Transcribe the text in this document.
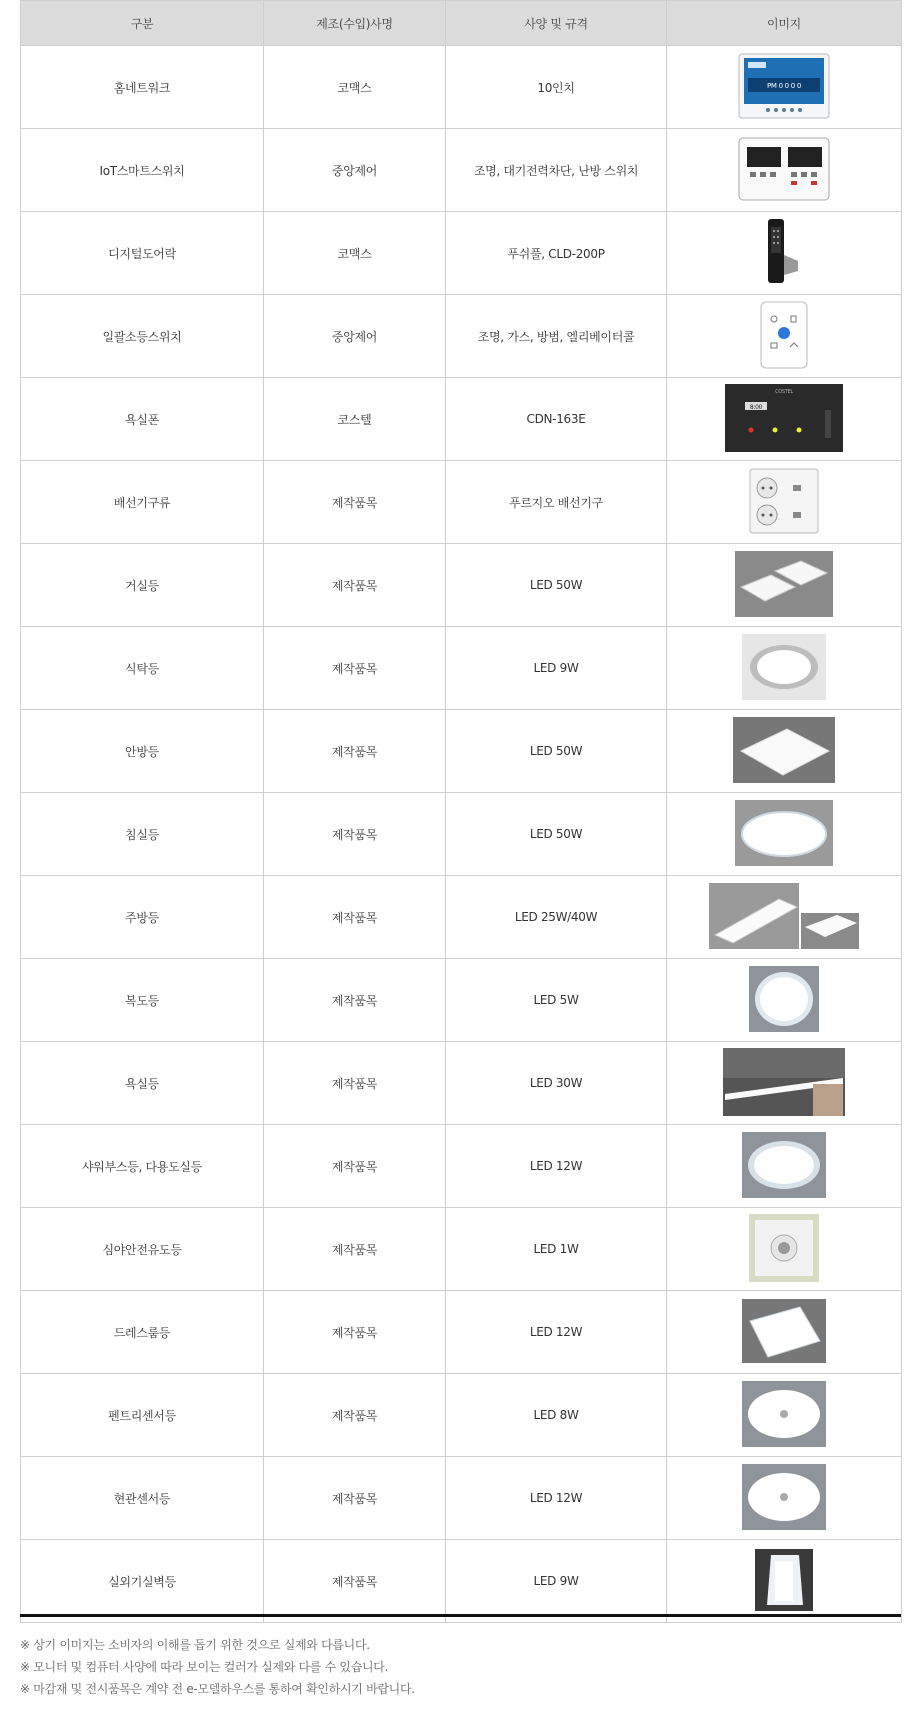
구분	제조(수입)사명	사양 및 규격	이미지
홈네트워크	코맥스	10인치	PM 0 0 0 0

IoT스마트스위치	중앙제어	조명, 대기전력차단, 난방 스위치	
디지털도어락	코맥스	푸쉬풀, CLD-200P	
일괄소등스위치	중앙제어	조명, 가스, 방범, 엘리베이터콜	
욕실폰	코스텔	CDN-163E	COSTEL
8:00

배선기구류	제작품목	푸르지오 배선기구	
거실등	제작품목	LED 50W	
식탁등	제작품목	LED 9W	
안방등	제작품목	LED 50W	
침실등	제작품목	LED 50W	
주방등	제작품목	LED 25W/40W	
복도등	제작품목	LED 5W	
욕실등	제작품목	LED 30W	
샤워부스등, 다용도실등	제작품목	LED 12W	
심야안전유도등	제작품목	LED 1W	
드레스룸등	제작품목	LED 12W	
펜트리센서등	제작품목	LED 8W	
현관센서등	제작품목	LED 12W	
실외기실벽등	제작품목	LED 9W	
※ 상기 이미지는 소비자의 이해를 돕기 위한 것으로 실제와 다릅니다.
※ 모니터 및 컴퓨터 사양에 따라 보이는 컬러가 실제와 다를 수 있습니다.
※ 마감재 및 전시품목은 계약 전 e-모델하우스를 통하여 확인하시기 바랍니다.
